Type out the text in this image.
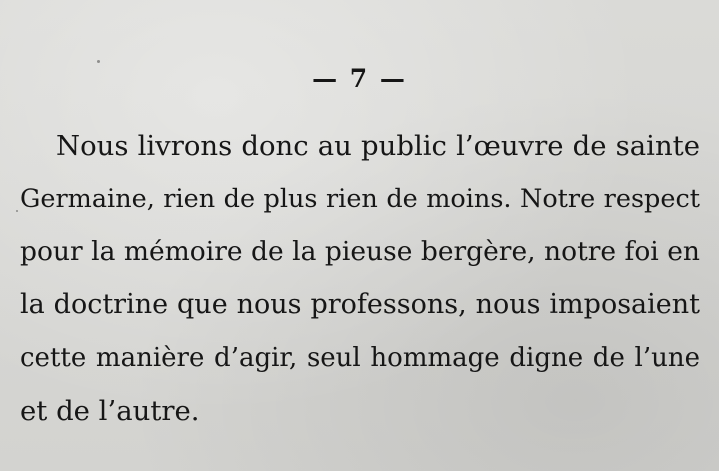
— 7 —
Nous livrons donc au public l’œuvre de sainte
Germaine, rien de plus rien de moins. Notre respect
pour la mémoire de la pieuse bergère, notre foi en
la doctrine que nous professons, nous imposaient
cette manière d’agir, seul hommage digne de l’une
et de l’autre.
